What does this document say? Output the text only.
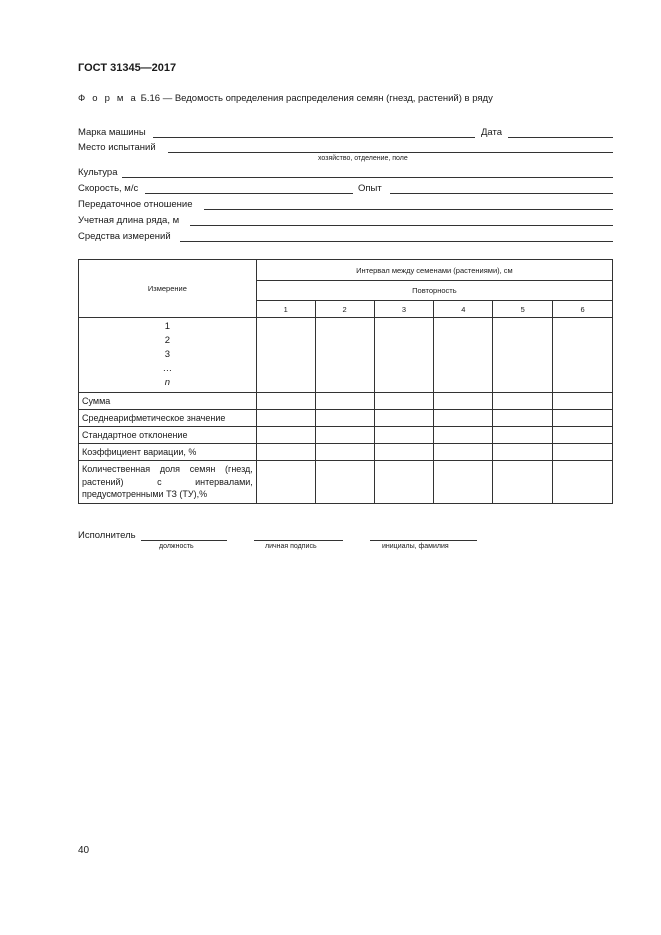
ГОСТ 31345—2017
Ф о р м а Б.16 — Ведомость определения распределения семян (гнезд, растений) в ряду
Марка машины	Дата
Место испытаний
хозяйство, отделение, поле
Культура
Скорость, м/с	Опыт
Передаточное отношение
Учетная длина ряда, м
Средства измерений
Измерение	Интервал между семенами (растениями), см					
	Повторность					
	1	2	3	4	5	6

1
2
3
…
n						

Сумма						
Среднеарифметическое значение						
Стандартное отклонение						
Коэффициент вариации, %						
Количественная доля семян (гнезд, растений) с интервалами, предусмотренными ТЗ (ТУ),%						
Исполнитель
должность	личная подпись	инициалы, фамилия
40
